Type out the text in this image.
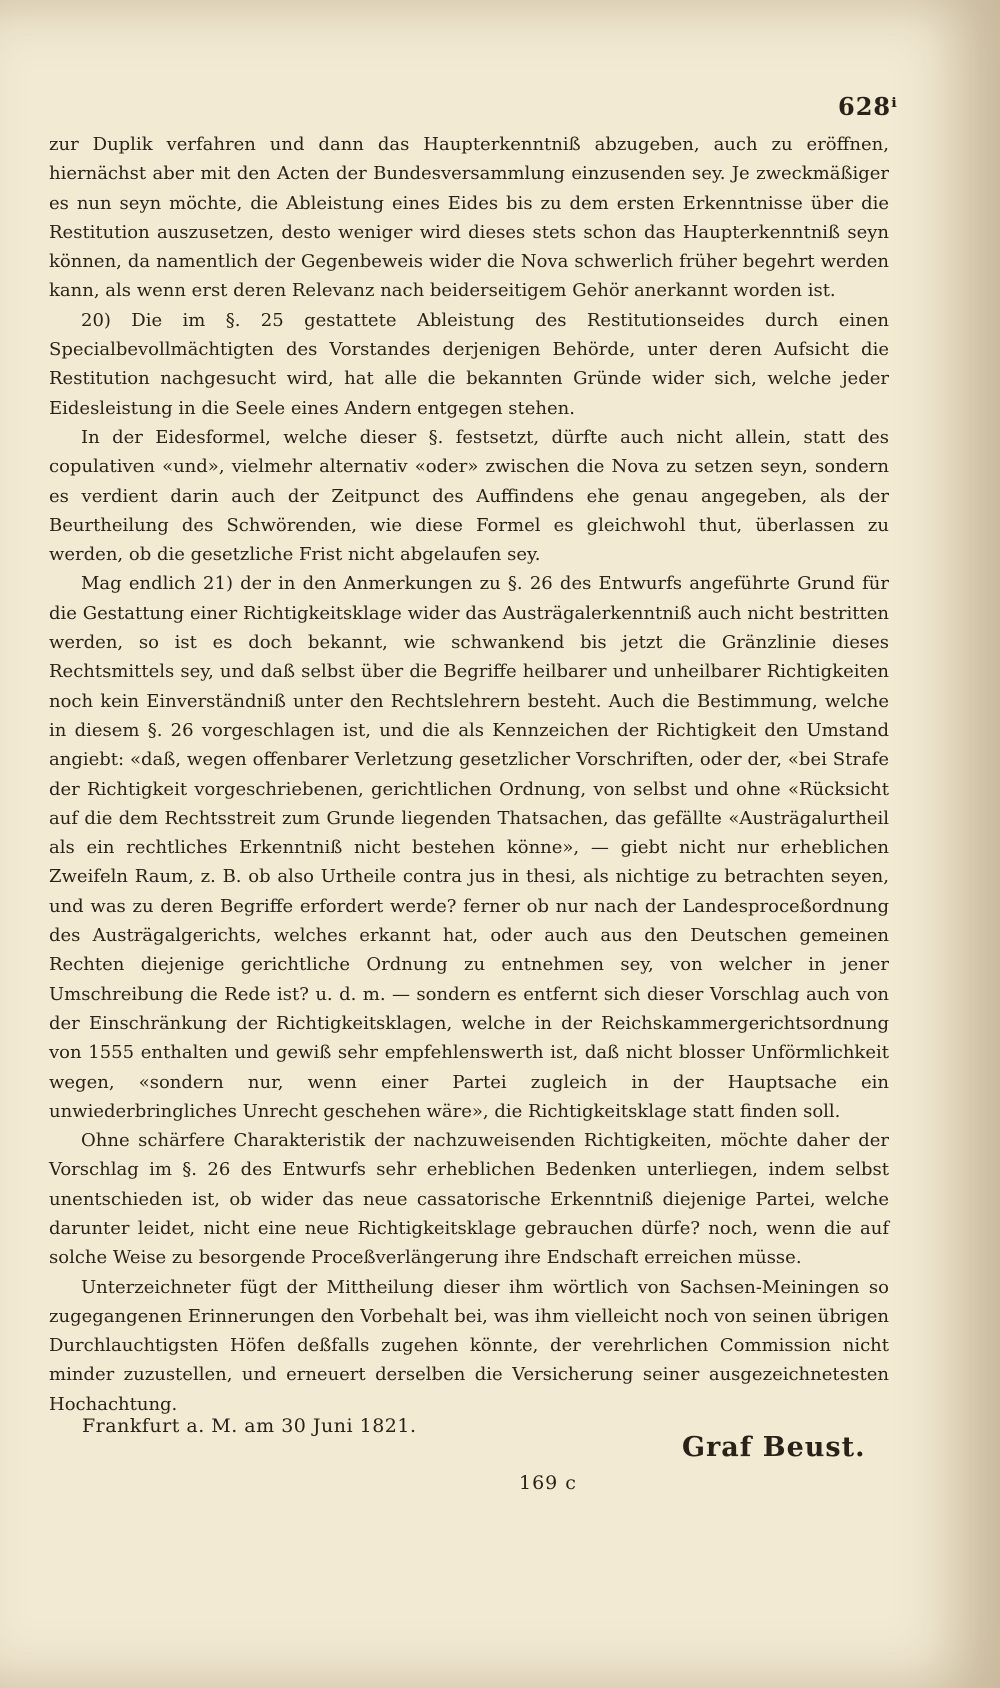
628ⁱ

zur Duplik verfahren und dann das Haupterkenntniß abzugeben, auch zu eröffnen, hiernächst aber mit den Acten der Bundesversammlung einzusenden sey. Je zweckmäßiger es nun seyn möchte, die Ableistung eines Eides bis zu dem ersten Erkenntnisse über die Restitution auszusetzen, desto weniger wird dieses stets schon das Haupterkenntniß seyn können, da namentlich der Gegenbeweis wider die Nova schwerlich früher begehrt werden kann, als wenn erst deren Relevanz nach beiderseitigem Gehör anerkannt worden ist.

20) Die im §. 25 gestattete Ableistung des Restitutionseides durch einen Specialbevollmächtigten des Vorstandes derjenigen Behörde, unter deren Aufsicht die Restitution nachgesucht wird, hat alle die bekannten Gründe wider sich, welche jeder Eidesleistung in die Seele eines Andern entgegen stehen.

In der Eidesformel, welche dieser §. festsetzt, dürfte auch nicht allein, statt des copulativen «und», vielmehr alternativ «oder» zwischen die Nova zu setzen seyn, sondern es verdient darin auch der Zeitpunct des Auffindens ehe genau angegeben, als der Beurtheilung des Schwörenden, wie diese Formel es gleichwohl thut, überlassen zu werden, ob die gesetzliche Frist nicht abgelaufen sey.

Mag endlich 21) der in den Anmerkungen zu §. 26 des Entwurfs angeführte Grund für die Gestattung einer Richtigkeitsklage wider das Austrägalerkenntniß auch nicht bestritten werden, so ist es doch bekannt, wie schwankend bis jetzt die Gränzlinie dieses Rechtsmittels sey, und daß selbst über die Begriffe heilbarer und unheilbarer Richtigkeiten noch kein Einverständniß unter den Rechtslehrern besteht. Auch die Bestimmung, welche in diesem §. 26 vorgeschlagen ist, und die als Kennzeichen der Richtigkeit den Umstand angiebt: «daß, wegen offenbarer Verletzung gesetzlicher Vorschriften, oder der, «bei Strafe der Richtigkeit vorgeschriebenen, gerichtlichen Ordnung, von selbst und ohne «Rücksicht auf die dem Rechtsstreit zum Grunde liegenden Thatsachen, das gefällte «Austrägalurtheil als ein rechtliches Erkenntniß nicht bestehen könne», — giebt nicht nur erheblichen Zweifeln Raum, z. B. ob also Urtheile contra jus in thesi, als nichtige zu betrachten seyen, und was zu deren Begriffe erfordert werde? ferner ob nur nach der Landesproceßordnung des Austrägalgerichts, welches erkannt hat, oder auch aus den Deutschen gemeinen Rechten diejenige gerichtliche Ordnung zu entnehmen sey, von welcher in jener Umschreibung die Rede ist? u. d. m. — sondern es entfernt sich dieser Vorschlag auch von der Einschränkung der Richtigkeitsklagen, welche in der Reichskammergerichtsordnung von 1555 enthalten und gewiß sehr empfehlenswerth ist, daß nicht blosser Unförmlichkeit wegen, «sondern nur, wenn einer Partei zugleich in der Hauptsache ein unwiederbringliches Unrecht geschehen wäre», die Richtigkeitsklage statt finden soll.

Ohne schärfere Charakteristik der nachzuweisenden Richtigkeiten, möchte daher der Vorschlag im §. 26 des Entwurfs sehr erheblichen Bedenken unterliegen, indem selbst unentschieden ist, ob wider das neue cassatorische Erkenntniß diejenige Partei, welche darunter leidet, nicht eine neue Richtigkeitsklage gebrauchen dürfe? noch, wenn die auf solche Weise zu besorgende Proceßverlängerung ihre Endschaft erreichen müsse.

Unterzeichneter fügt der Mittheilung dieser ihm wörtlich von Sachsen-Meiningen so zugegangenen Erinnerungen den Vorbehalt bei, was ihm vielleicht noch von seinen übrigen Durchlauchtigsten Höfen deßfalls zugehen könnte, der verehrlichen Commission nicht minder zuzustellen, und erneuert derselben die Versicherung seiner ausgezeichnetesten Hochachtung.

Frankfurt a. M. am 30 Juni 1821.
Graf Beust.
169 c
